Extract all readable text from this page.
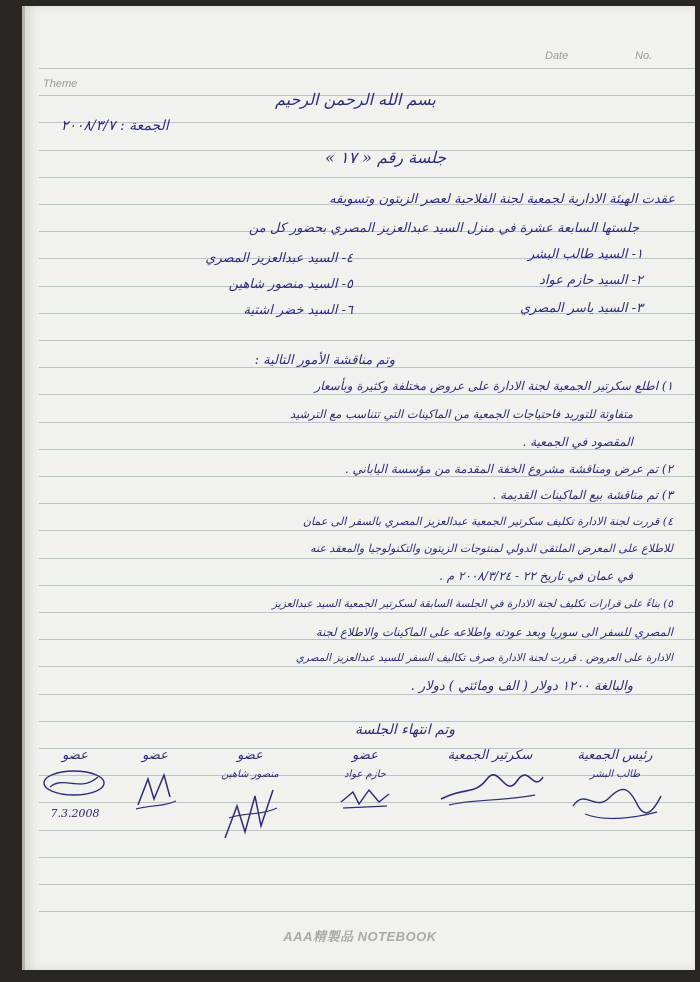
Date	No.
Theme
بسم الله الرحمن الرحيم
الجمعة : ٢٠٠٨/٣/٧
جلسة رقم « ١٧ »
عقدت الهيئة الادارية لجمعية لجنة الفلاحية لعصر الزيتون وتسويقه
جلستها السابعة عشرة في منزل السيد عبدالعزيز المصري بحضور كل من
١- السيد طالب البشر
٤- السيد عبدالعزيز المصري
٢- السيد حازم عواد
٥- السيد منصور شاهين
٣- السيد ياسر المصري
٦- السيد خضر اشتية
وتم مناقشة الأمور التالية :
١) اطلع سكرتير الجمعية لجنة الادارة على عروض مختلفة وكثيرة وبأسعار
متفاوتة للتوريد فاحتياجات الجمعية من الماكينات التي تتناسب مع الترشيد
المقصود في الجمعية .
٢) تم عرض ومناقشة مشروع الخفة المقدمة من مؤسسة الياباني .
٣) تم مناقشة بيع الماكينات القديمة .
٤) قررت لجنة الادارة تكليف سكرتير الجمعية عبدالعزيز المصري بالسفر الى عمان
للاطلاع على المعرض الملتقى الدولي لمنتوجات الزيتون والتكنولوجيا والمعقد عنه
في عمان في تاريخ ٢٢ - ٢٠٠٨/٣/٢٤ م .
٥) بناءً على قرارات تكليف لجنة الادارة في الجلسة السابقة لسكرتير الجمعية السيد عبدالعزيز
المصري للسفر الى سوريا وبعد عودته واطلاعه على الماكينات والاطلاع لجنة
الادارة على العروض . قررت لجنة الادارة صرف تكاليف السفر للسيد عبدالعزيز المصري
والبالغة ١٢٠٠ دولار ( الف ومائتي ) دولار .
وتم انتهاء الجلسة
رئيس الجمعية
طالب البشر
سكرتير الجمعية
عضو
حازم عواد
عضو
منصور شاهين
عضو
عضو
7.3.2008
AAA精製品 NOTEBOOK
